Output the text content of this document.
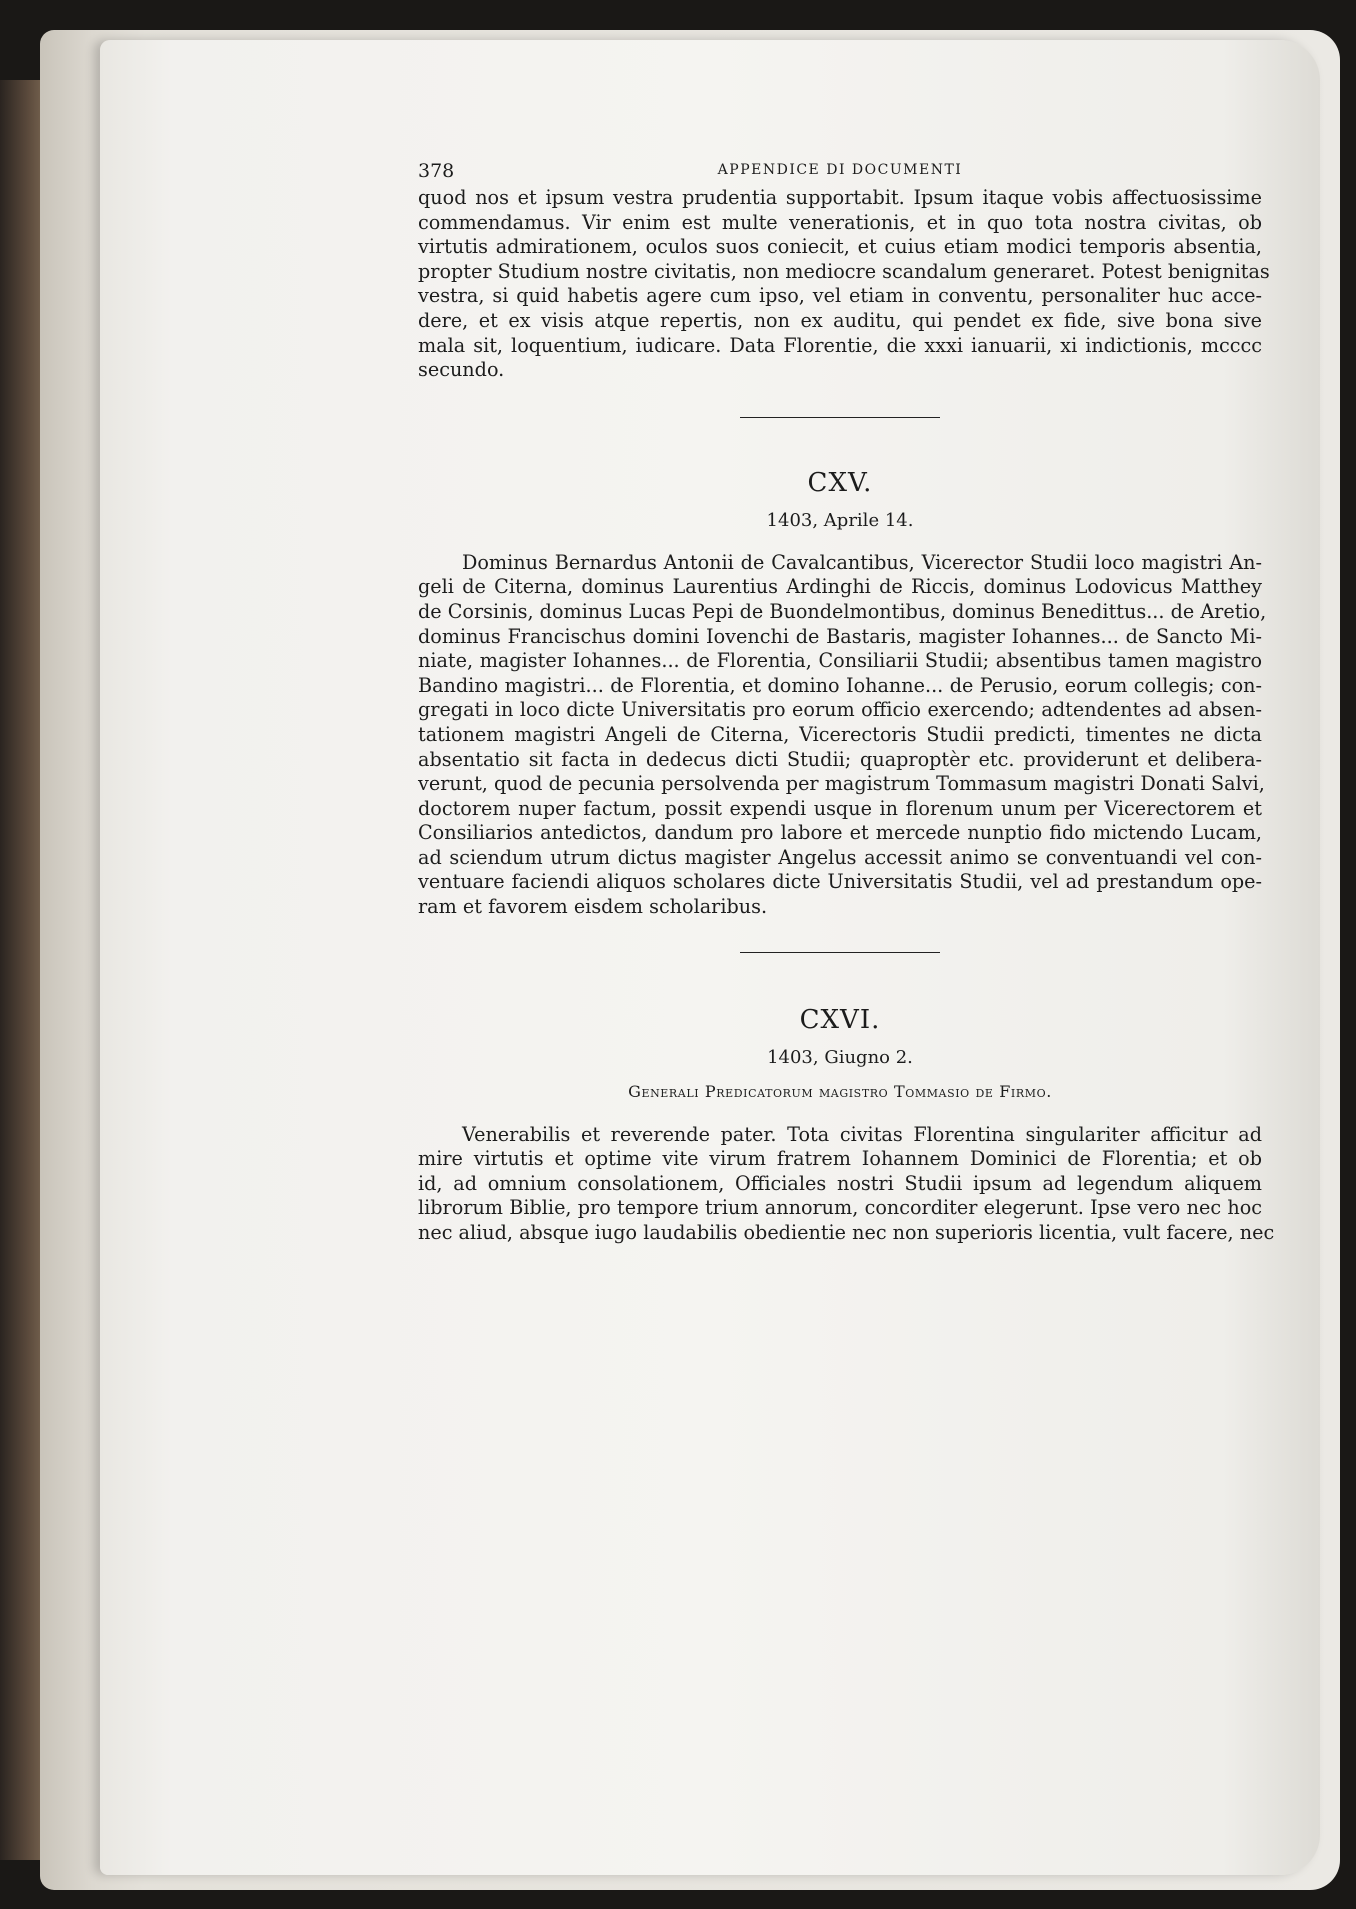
378	APPENDICE DI DOCUMENTI

quod nos et ipsum vestra prudentia supportabit. Ipsum itaque vobis affectuosissime
commendamus. Vir enim est multe venerationis, et in quo tota nostra civitas, ob
virtutis admirationem, oculos suos coniecit, et cuius etiam modici temporis absentia,
propter Studium nostre civitatis, non mediocre scandalum generaret. Potest benignitas
vestra, si quid habetis agere cum ipso, vel etiam in conventu, personaliter huc acce-
dere, et ex visis atque repertis, non ex auditu, qui pendet ex fide, sive bona sive
mala sit, loquentium, iudicare. Data Florentie, die xxxi ianuarii, xi indictionis, mcccc
secundo.

CXV.

1403, Aprile 14.

Dominus Bernardus Antonii de Cavalcantibus, Vicerector Studii loco magistri An-
geli de Citerna, dominus Laurentius Ardinghi de Riccis, dominus Lodovicus Matthey
de Corsinis, dominus Lucas Pepi de Buondelmontibus, dominus Benedittus... de Aretio,
dominus Francischus domini Iovenchi de Bastaris, magister Iohannes... de Sancto Mi-
niate, magister Iohannes... de Florentia, Consiliarii Studii; absentibus tamen magistro
Bandino magistri... de Florentia, et domino Iohanne... de Perusio, eorum collegis; con-
gregati in loco dicte Universitatis pro eorum officio exercendo; adtendentes ad absen-
tationem magistri Angeli de Citerna, Vicerectoris Studii predicti, timentes ne dicta
absentatio sit facta in dedecus dicti Studii; quaproptèr etc. providerunt et delibera-
verunt, quod de pecunia persolvenda per magistrum Tommasum magistri Donati Salvi,
doctorem nuper factum, possit expendi usque in florenum unum per Vicerectorem et
Consiliarios antedictos, dandum pro labore et mercede nunptio fido mictendo Lucam,
ad sciendum utrum dictus magister Angelus accessit animo se conventuandi vel con-
ventuare faciendi aliquos scholares dicte Universitatis Studii, vel ad prestandum ope-
ram et favorem eisdem scholaribus.

CXVI.

1403, Giugno 2.

Generali Predicatorum magistro Tommasio de Firmo.

Venerabilis et reverende pater. Tota civitas Florentina singulariter afficitur ad
mire virtutis et optime vite virum fratrem Iohannem Dominici de Florentia; et ob
id, ad omnium consolationem, Officiales nostri Studii ipsum ad legendum aliquem
librorum Biblie, pro tempore trium annorum, concorditer elegerunt. Ipse vero nec hoc
nec aliud, absque iugo laudabilis obedientie nec non superioris licentia, vult facere, nec
